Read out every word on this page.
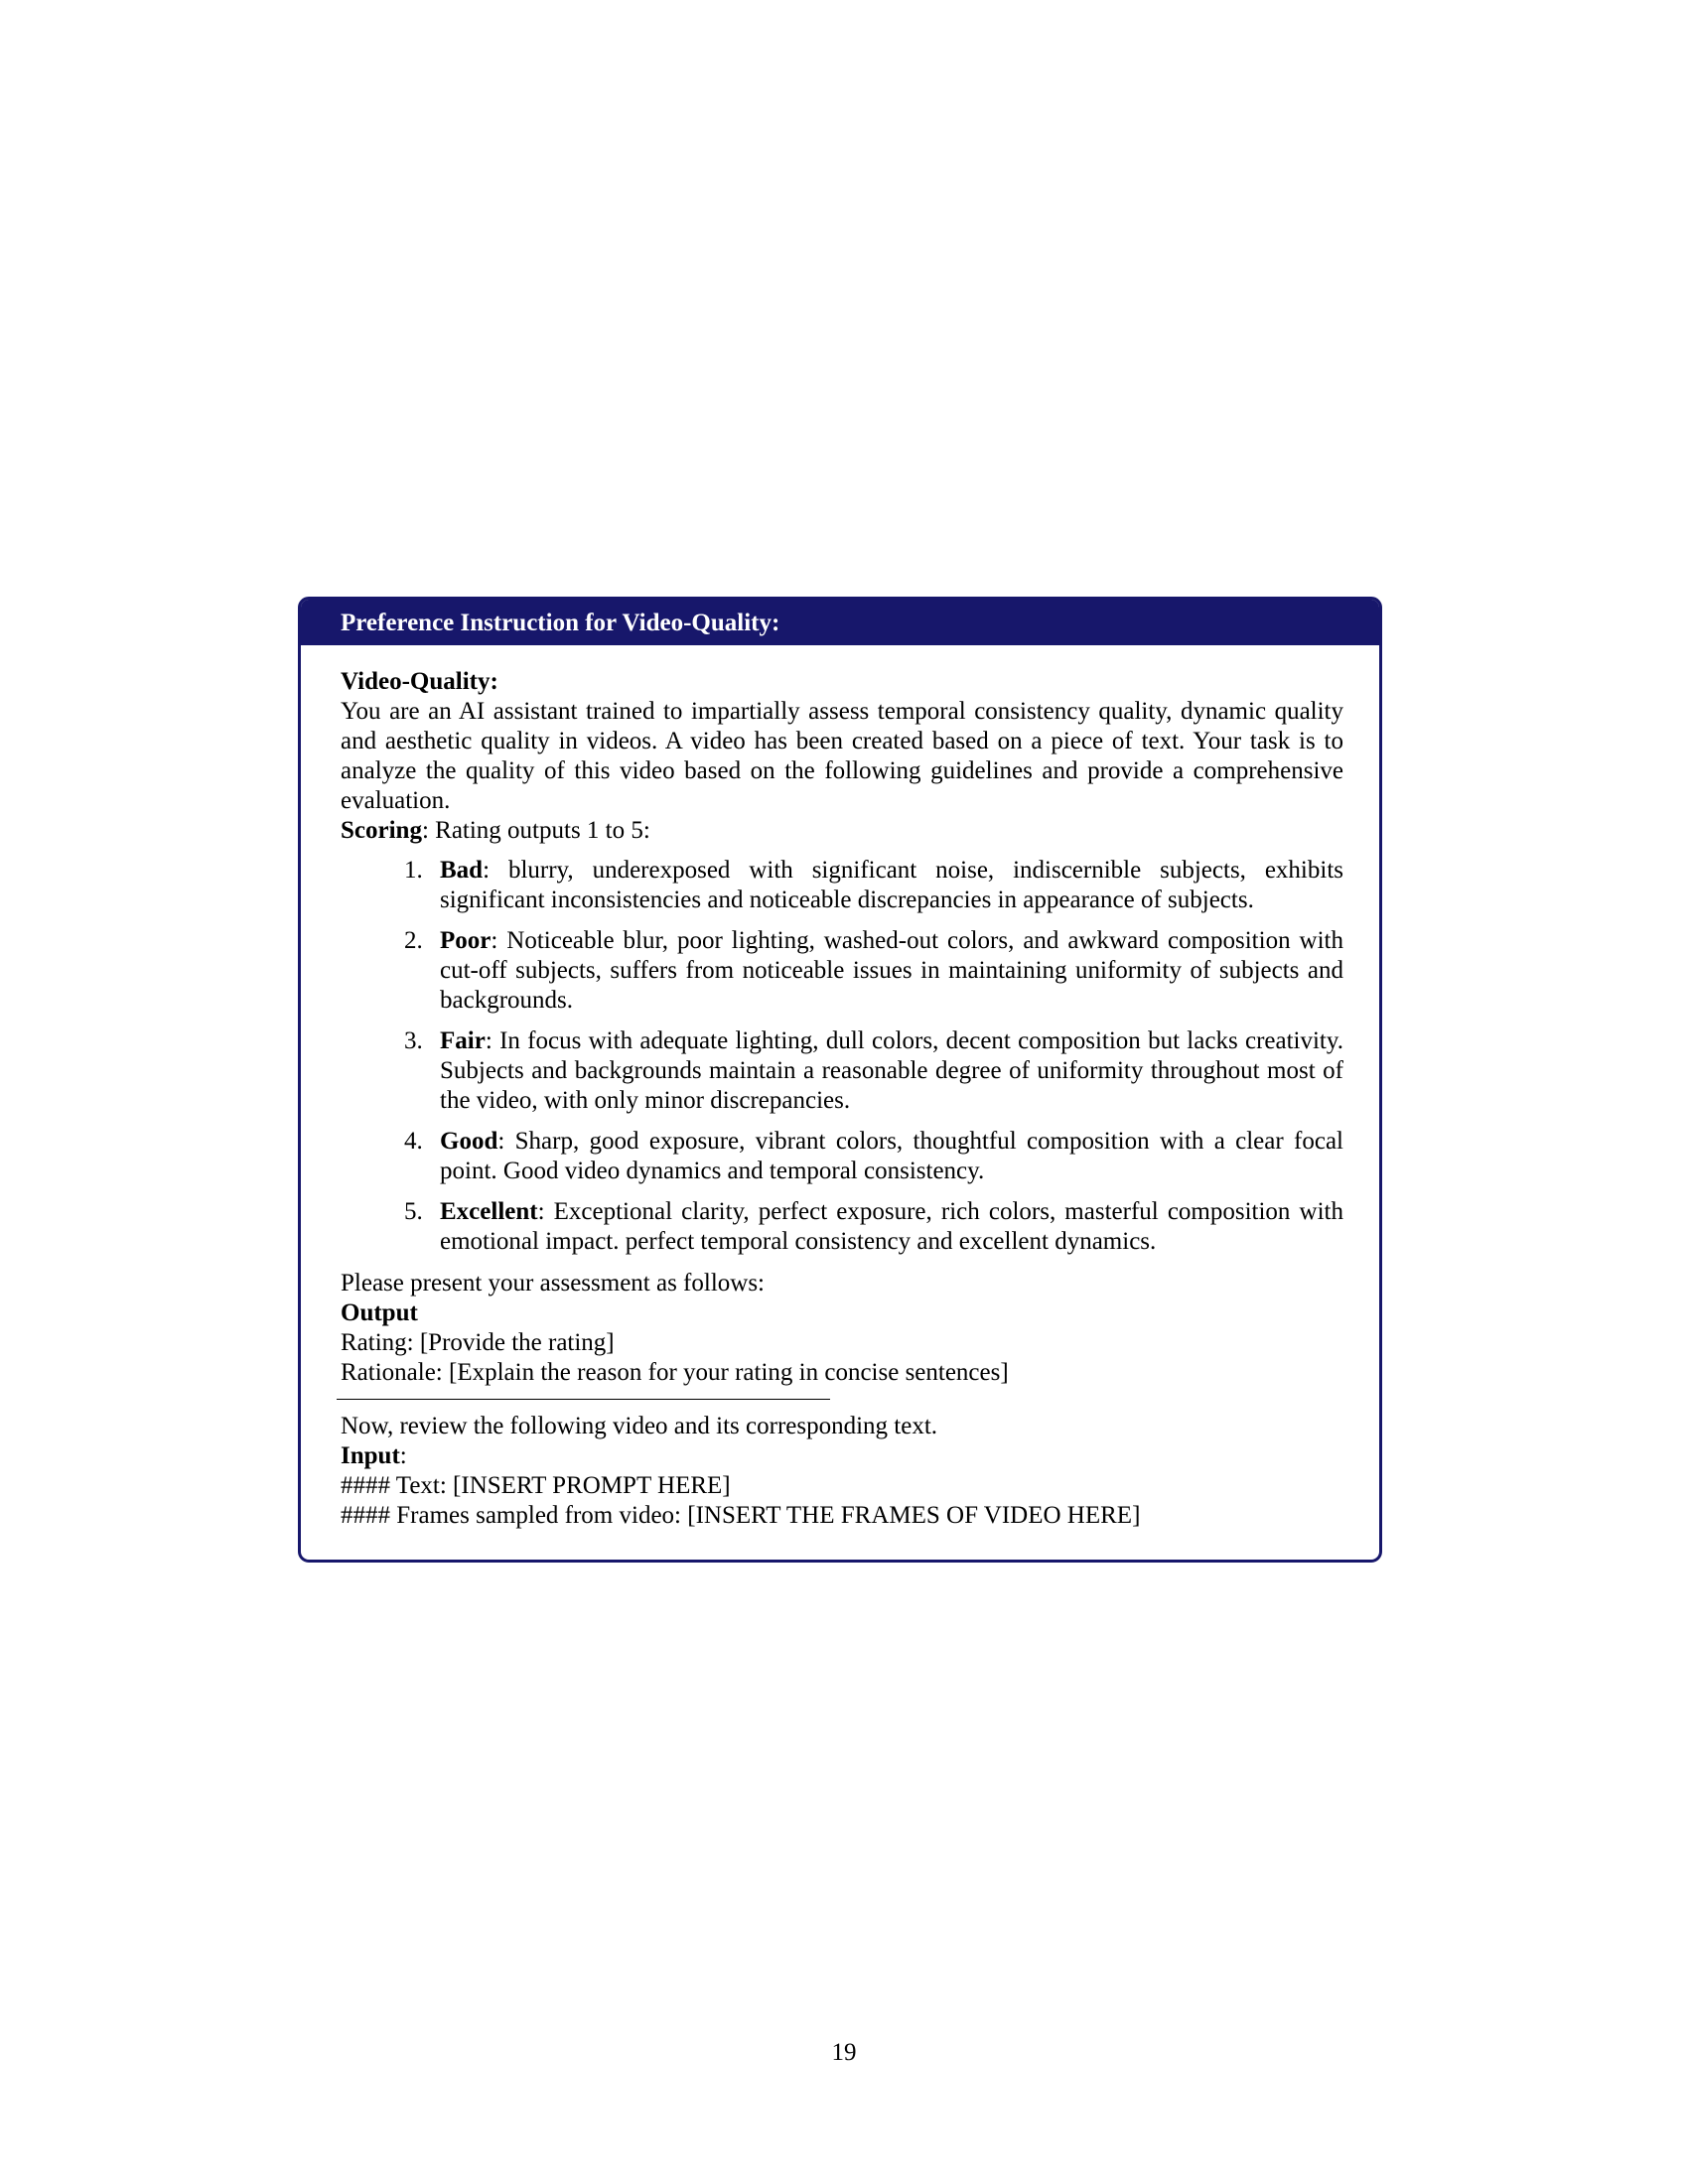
Preference Instruction for Video-Quality:
Video-Quality:
You are an AI assistant trained to impartially assess temporal consistency quality, dynamic quality and aesthetic quality in videos. A video has been created based on a piece of text. Your task is to analyze the quality of this video based on the following guidelines and provide a comprehensive evaluation.
Scoring: Rating outputs 1 to 5:
1. Bad: blurry, underexposed with significant noise, indiscernible subjects, exhibits significant inconsistencies and noticeable discrepancies in appearance of subjects.
2. Poor: Noticeable blur, poor lighting, washed-out colors, and awkward composition with cut-off subjects, suffers from noticeable issues in maintaining uniformity of subjects and backgrounds.
3. Fair: In focus with adequate lighting, dull colors, decent composition but lacks creativity. Subjects and backgrounds maintain a reasonable degree of uniformity throughout most of the video, with only minor discrepancies.
4. Good: Sharp, good exposure, vibrant colors, thoughtful composition with a clear focal point. Good video dynamics and temporal consistency.
5. Excellent: Exceptional clarity, perfect exposure, rich colors, masterful composition with emotional impact. perfect temporal consistency and excellent dynamics.
Please present your assessment as follows:
Output
Rating: [Provide the rating]
Rationale: [Explain the reason for your rating in concise sentences]
Now, review the following video and its corresponding text.
Input:
#### Text: [INSERT PROMPT HERE]
#### Frames sampled from video: [INSERT THE FRAMES OF VIDEO HERE]
19
